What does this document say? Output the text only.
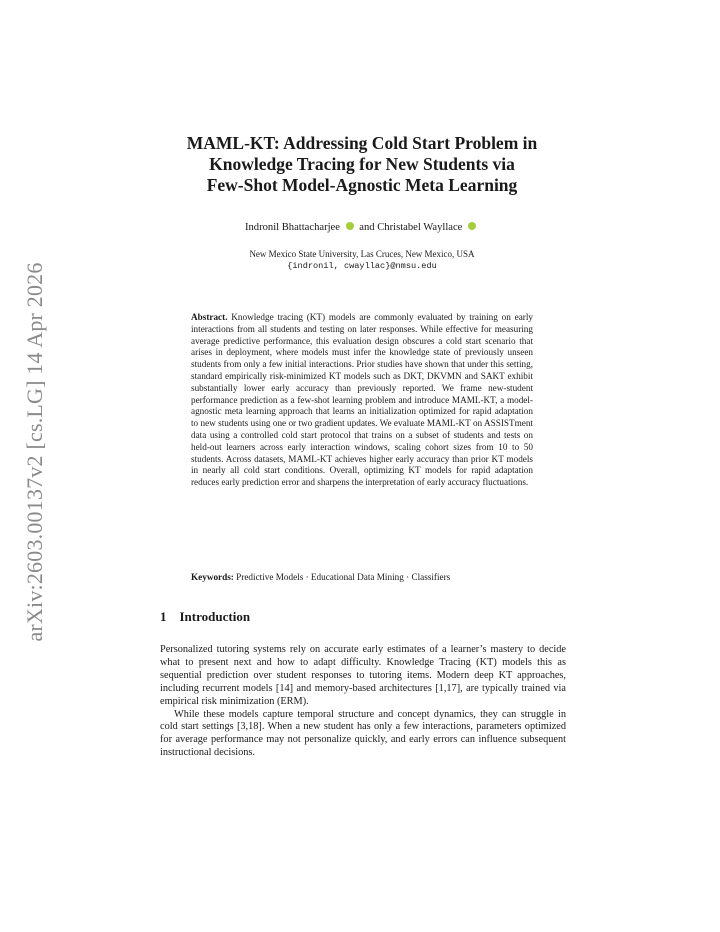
arXiv:2603.00137v2 [cs.LG] 14 Apr 2026
MAML-KT: Addressing Cold Start Problem in
Knowledge Tracing for New Students via
Few-Shot Model-Agnostic Meta Learning
Indronil Bhattacharjee and Christabel Wayllace
New Mexico State University, Las Cruces, New Mexico, USA
{indronil, cwayllac}@nmsu.edu
Abstract. Knowledge tracing (KT) models are commonly evaluated by training on early interactions from all students and testing on later responses. While effective for measuring average predictive performance, this evaluation design obscures a cold start scenario that arises in deployment, where models must infer the knowledge state of previously unseen students from only a few initial interactions. Prior studies have shown that under this setting, standard empirically risk-minimized KT models such as DKT, DKVMN and SAKT exhibit substantially lower early accuracy than previously reported. We frame new-student performance prediction as a few-shot learning problem and introduce MAML-KT, a model-agnostic meta learning approach that learns an initialization optimized for rapid adaptation to new students using one or two gradient updates. We evaluate MAML-KT on ASSISTment data using a controlled cold start protocol that trains on a subset of students and tests on held-out learners across early interaction windows, scaling cohort sizes from 10 to 50 students. Across datasets, MAML-KT achieves higher early accuracy than prior KT models in nearly all cold start conditions. Overall, optimizing KT models for rapid adaptation reduces early prediction error and sharpens the interpretation of early accuracy fluctuations.
Keywords: Predictive Models · Educational Data Mining · Classifiers
1 Introduction

Personalized tutoring systems rely on accurate early estimates of a learner’s mastery to decide what to present next and how to adapt difficulty. Knowledge Tracing (KT) models this as sequential prediction over student responses to tutoring items. Modern deep KT approaches, including recurrent models [14] and memory-based architectures [1,17], are typically trained via empirical risk minimization (ERM).

While these models capture temporal structure and concept dynamics, they can struggle in cold start settings [3,18]. When a new student has only a few interactions, parameters optimized for average performance may not personalize quickly, and early errors can influence subsequent instructional decisions.
